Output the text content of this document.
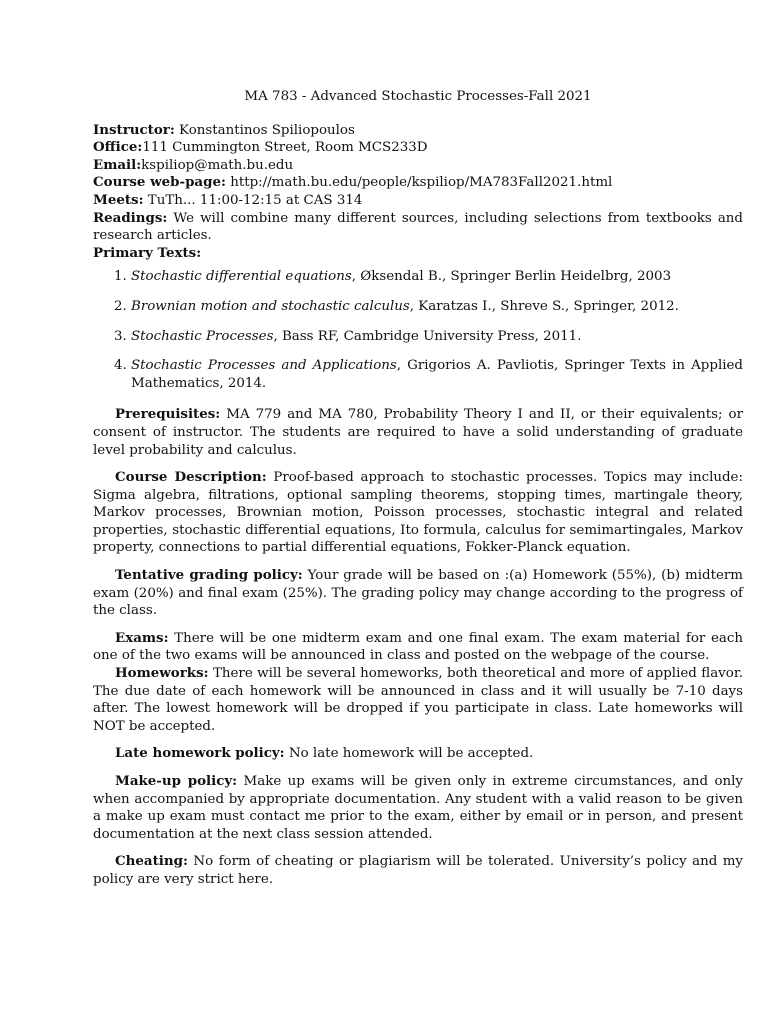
MA 783 - Advanced Stochastic Processes-Fall 2021
Instructor: Konstantinos Spiliopoulos
Office:111 Cummington Street, Room MCS233D
Email:kspiliop@math.bu.edu
Course web-page: http://math.bu.edu/people/kspiliop/MA783Fall2021.html
Meets: TuTh... 11:00-12:15 at CAS 314
Readings: We will combine many different sources, including selections from textbooks and research articles.
Primary Texts:
1. Stochastic differential equations, Øksendal B., Springer Berlin Heidelbrg, 2003
2. Brownian motion and stochastic calculus, Karatzas I., Shreve S., Springer, 2012.
3. Stochastic Processes, Bass RF, Cambridge University Press, 2011.
4. Stochastic Processes and Applications, Grigorios A. Pavliotis, Springer Texts in Applied Mathematics, 2014.

Prerequisites: MA 779 and MA 780, Probability Theory I and II, or their equivalents; or consent of instructor. The students are required to have a solid understanding of graduate level probability and calculus.

Course Description: Proof-based approach to stochastic processes. Topics may include: Sigma algebra, filtrations, optional sampling theorems, stopping times, martingale theory, Markov processes, Brownian motion, Poisson processes, stochastic integral and related properties, stochastic differential equations, Ito formula, calculus for semimartingales, Markov property, connections to partial differential equations, Fokker-Planck equation.

Tentative grading policy: Your grade will be based on :(a) Homework (55%), (b) midterm exam (20%) and final exam (25%). The grading policy may change according to the progress of the class.

Exams: There will be one midterm exam and one final exam. The exam material for each one of the two exams will be announced in class and posted on the webpage of the course.

Homeworks: There will be several homeworks, both theoretical and more of applied flavor. The due date of each homework will be announced in class and it will usually be 7-10 days after. The lowest homework will be dropped if you participate in class. Late homeworks will NOT be accepted.

Late homework policy: No late homework will be accepted.

Make-up policy: Make up exams will be given only in extreme circumstances, and only when accompanied by appropriate documentation. Any student with a valid reason to be given a make up exam must contact me prior to the exam, either by email or in person, and present documentation at the next class session attended.

Cheating: No form of cheating or plagiarism will be tolerated. University’s policy and my policy are very strict here.
